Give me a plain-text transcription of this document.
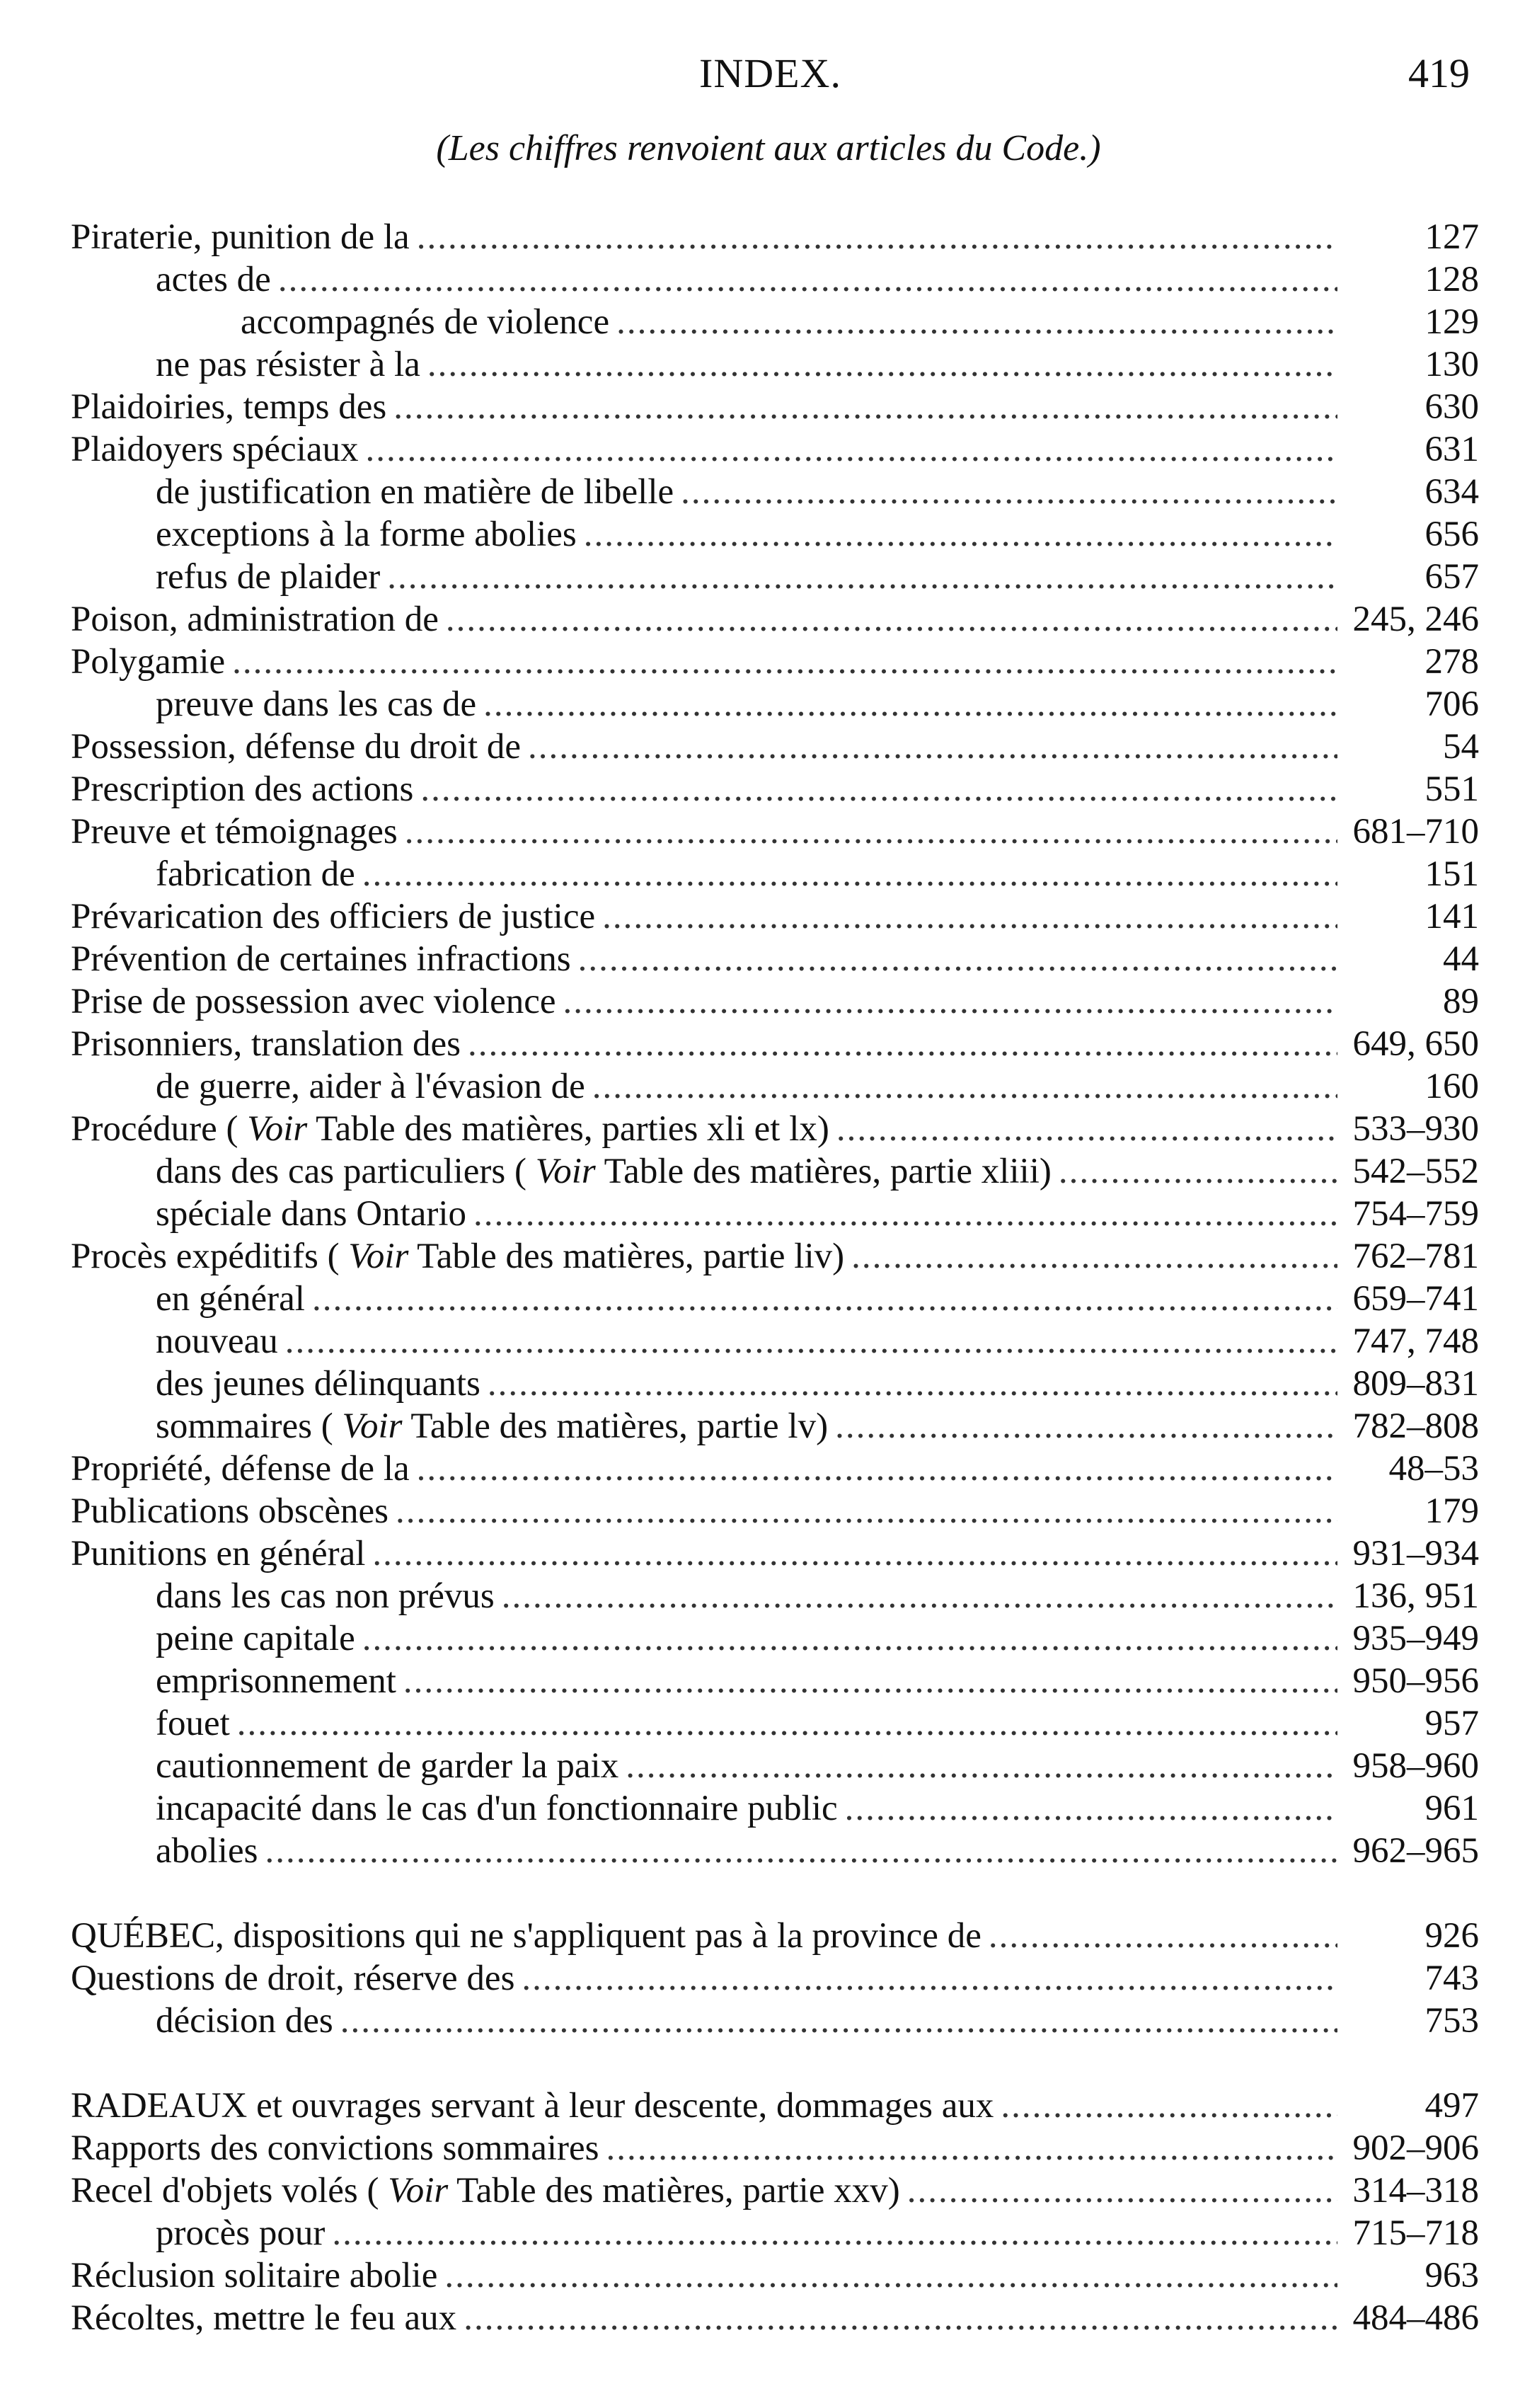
INDEX.	419
(Les chiffres renvoient aux articles du Code.)
Piraterie, punition de la .....	127
actes de .....	128
accompagnés de violence .....	129
ne pas résister à la .....	130
Plaidoiries, temps des .....	630
Plaidoyers spéciaux .....	631
de justification en matière de libelle .....	634
exceptions à la forme abolies .....	656
refus de plaider .....	657
Poison, administration de .....	245, 246
Polygamie .....	278
preuve dans les cas de .....	706
Possession, défense du droit de .....	54
Prescription des actions .....	551
Preuve et témoignages .....	681–710
fabrication de .....	151
Prévarication des officiers de justice .....	141
Prévention de certaines infractions .....	44
Prise de possession avec violence .....	89
Prisonniers, translation des .....	649, 650
de guerre, aider à l'évasion de .....	160
Procédure ( Voir Table des matières, parties xli et lx) .....	533–930
dans des cas particuliers ( Voir Table des matières, partie xliii) .....	542–552
spéciale dans Ontario .....	754–759
Procès expéditifs ( Voir Table des matières, partie liv) .....	762–781
en général .....	659–741
nouveau .....	747, 748
des jeunes délinquants .....	809–831
sommaires ( Voir Table des matières, partie lv) .....	782–808
Propriété, défense de la .....	48–53
Publications obscènes .....	179
Punitions en général .....	931–934
dans les cas non prévus .....	136, 951
peine capitale .....	935–949
emprisonnement .....	950–956
fouet .....	957
cautionnement de garder la paix .....	958–960
incapacité dans le cas d'un fonctionnaire public .....	961
abolies .....	962–965
QUÉBEC, dispositions qui ne s'appliquent pas à la province de .....	926
Questions de droit, réserve des .....	743
décision des .....	753
RADEAUX et ouvrages servant à leur descente, dommages aux .....	497
Rapports des convictions sommaires .....	902–906
Recel d'objets volés ( Voir Table des matières, partie xxv) .....	314–318
procès pour .....	715–718
Réclusion solitaire abolie .....	963
Récoltes, mettre le feu aux .....	484–486
